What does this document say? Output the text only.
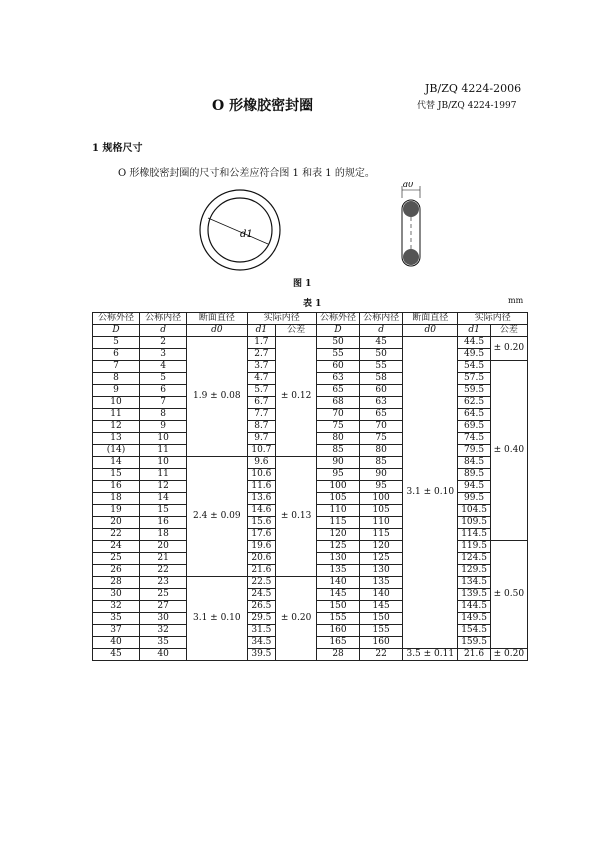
JB/ZQ 4224-2006
代替 JB/ZQ 4224-1997
O 形橡胶密封圈
1 规格尺寸
O 形橡胶密封圈的尺寸和公差应符合图 1 和表 1 的规定。
d1
d0
图 1
表 1	mm
公称外径	公称内径	断面直径	实际内径	
D	d	d0	d1	公差
5	2	1.9 ± 0.08	1.7	± 0.12
6	3		2.7	
7	4		3.7	
8	5		4.7	
9	6		5.7	
10	7		6.7	
11	8		7.7	
12	9		8.7	
13	10		9.7	
(14)	11		10.7	
14	10	2.4 ± 0.09	9.6	± 0.13
15	11		10.6	
16	12		11.6	
18	14		13.6	
19	15		14.6	
20	16		15.6	
22	18		17.6	
24	20		19.6	
25	21		20.6	
26	22		21.6	
28	23	3.1 ± 0.10	22.5	± 0.20
30	25		24.5	
32	27		26.5	
35	30		29.5	
37	32		31.5	
40	35		34.5	
45	40		39.5	
公称外径	公称内径	断面直径	实际内径	
D	d	d0	d1	公差
50	45	3.1 ± 0.10	44.5	± 0.20
55	50		49.5	
60	55		54.5	± 0.40
63	58		57.5	
65	60		59.5	
68	63		62.5	
70	65		64.5	
75	70		69.5	
80	75		74.5	
85	80		79.5	
90	85		84.5	
95	90		89.5	
100	95		94.5	
105	100		99.5	
110	105		104.5	
115	110		109.5	
120	115		114.5	
125	120		119.5	± 0.50
130	125		124.5	
135	130		129.5	
140	135		134.5	
145	140		139.5	
150	145		144.5	
155	150		149.5	
160	155		154.5	
165	160		159.5	
28	22	3.5 ± 0.11	21.6	± 0.20
